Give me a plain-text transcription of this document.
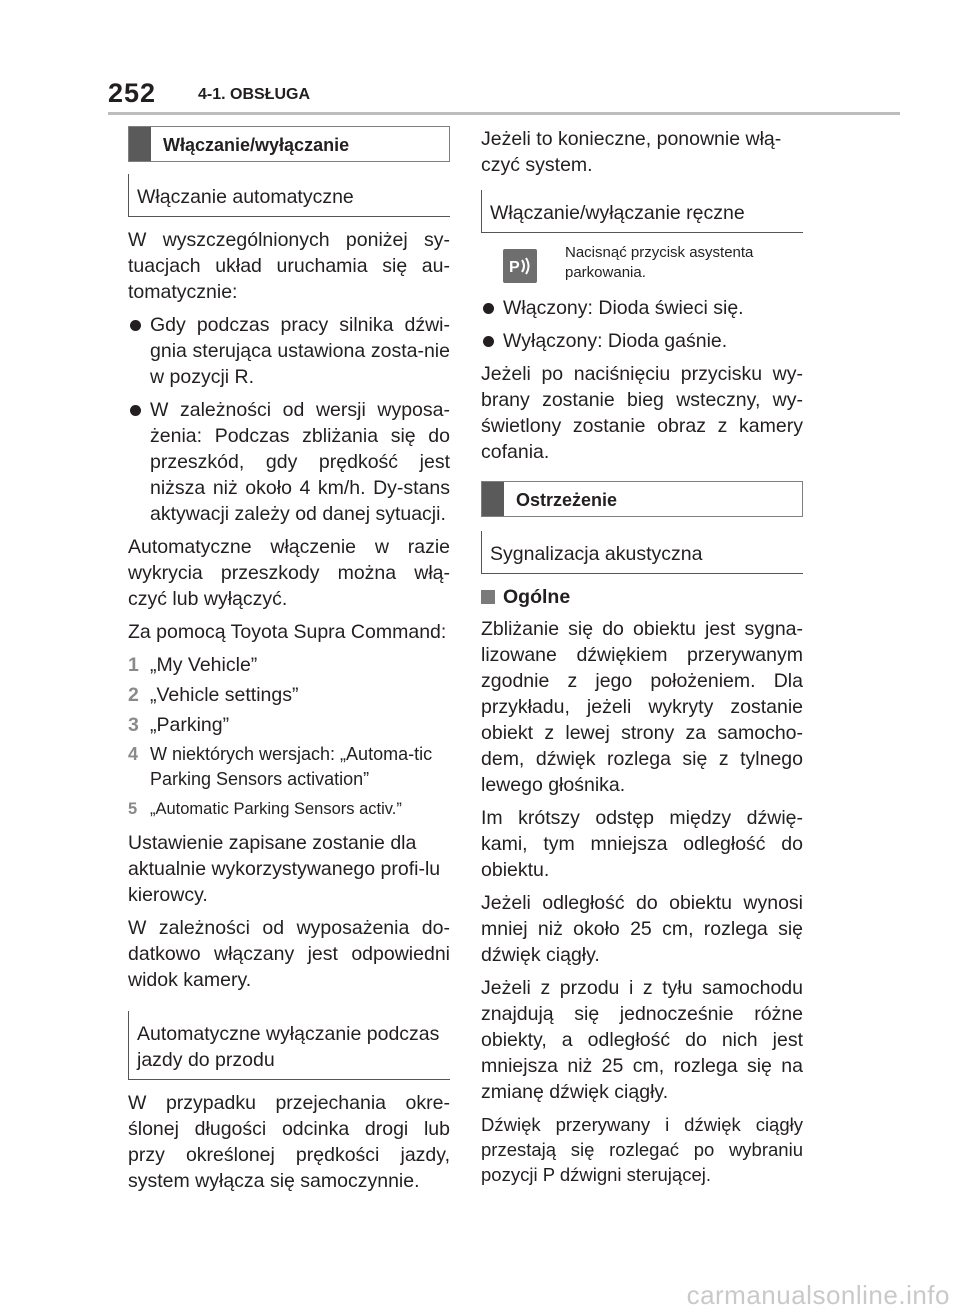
252	4-1. OBSŁUGA
Włączanie/wyłączanie
Włączanie automatyczne

W wyszczególnionych poniżej sy-tuacjach układ uruchamia się au-tomatycznie:

Gdy podczas pracy silnika dźwi-gnia sterująca ustawiona zosta-nie w pozycji R.
W zależności od wersji wyposa-żenia: Podczas zbliżania się do przeszkód, gdy prędkość jest niższa niż około 4 km/h. Dy-stans aktywacji zależy od danej sytuacji.

Automatyczne włączenie w razie wykrycia przeszkody można włą-czyć lub wyłączyć.

Za pomocą Toyota Supra Command:

1 „My Vehicle”
2 „Vehicle settings”
3 „Parking”
4 W niektórych wersjach: „Automa-tic Parking Sensors activation”
5 „Automatic Parking Sensors activ.”

Ustawienie zapisane zostanie dla aktualnie wykorzystywanego profi-lu kierowcy.

W zależności od wyposażenia do-datkowo włączany jest odpowiedni widok kamery.

Automatyczne wyłączanie podczas jazdy do przodu

W przypadku przejechania okre-ślonej długości odcinka drogi lub przy określonej prędkości jazdy, system wyłącza się samoczynnie.

Jeżeli to konieczne, ponownie włą-czyć system.

Włączanie/wyłączanie ręczne
P
Nacisnąć przycisk asystenta parkowania.
Włączony: Dioda świeci się.
Wyłączony: Dioda gaśnie.

Jeżeli po naciśnięciu przycisku wy-brany zostanie bieg wsteczny, wy-świetlony zostanie obraz z kamery cofania.

Ostrzeżenie
Sygnalizacja akustyczna
Ogólne

Zbliżanie się do obiektu jest sygna-lizowane dźwiękiem przerywanym zgodnie z jego położeniem. Dla przykładu, jeżeli wykryty zostanie obiekt z lewej strony za samocho-dem, dźwięk rozlega się z tylnego lewego głośnika.

Im krótszy odstęp między dźwię-kami, tym mniejsza odległość do obiektu.

Jeżeli odległość do obiektu wynosi mniej niż około 25 cm, rozlega się dźwięk ciągły.

Jeżeli z przodu i z tyłu samochodu znajdują się jednocześnie różne obiekty, a odległość do nich jest mniejsza niż 25 cm, rozlega się na zmianę dźwięk ciągły.

Dźwięk przerywany i dźwięk ciągły przestają się rozlegać po wybraniu pozycji P dźwigni sterującej.

carmanualsonline.info
